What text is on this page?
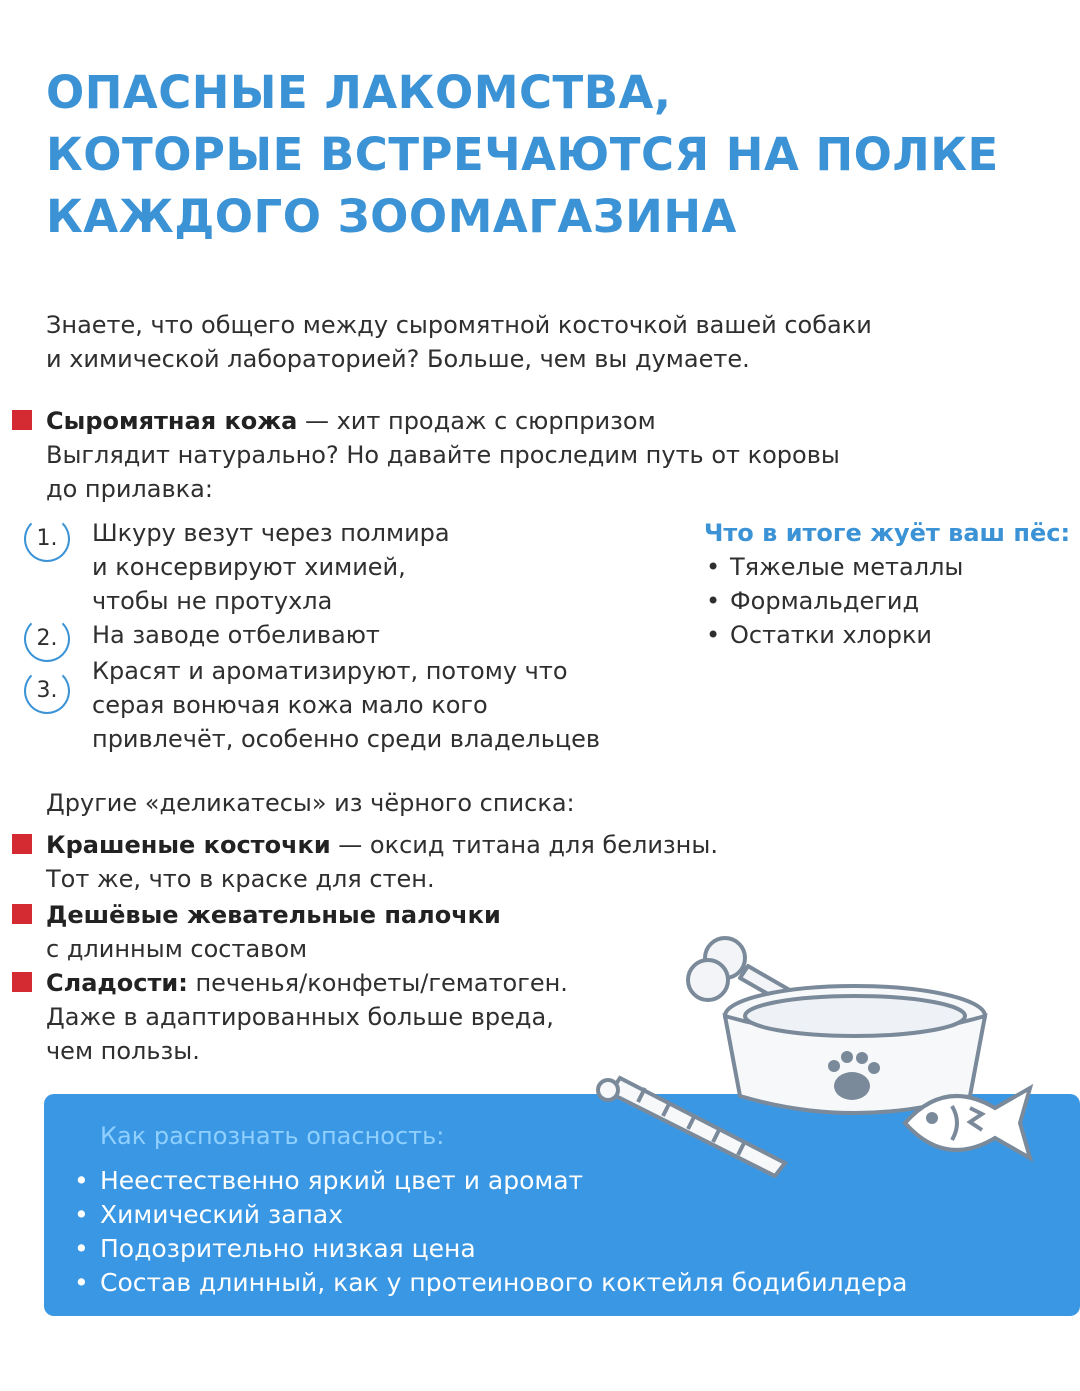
ОПАСНЫЕ ЛАКОМСТВА,
КОТОРЫЕ ВСТРЕЧАЮТСЯ НА ПОЛКЕ
КАЖДОГО ЗООМАГАЗИНА
Знаете, что общего между сыромятной косточкой вашей собаки
и химической лабораторией? Больше, чем вы думаете.
Сыромятная кожа — хит продаж с сюрпризом
Выглядит натурально? Но давайте проследим путь от коровы
до прилавка:
1.	Шкуру везут через полмира
и консервируют химией,
чтобы не протухла
2.	На заводе отбеливают
3.
Красят и ароматизируют, потому что
серая вонючая кожа мало кого
привлечёт, особенно среди владельцев
Что в итоге жуёт ваш пёс:
• Тяжелые металлы
• Формальдегид
• Остатки хлорки
Другие «деликатесы» из чёрного списка:
Крашеные косточки — оксид титана для белизны.
Тот же, что в краске для стен.
Дешёвые жевательные палочки
с длинным составом
Сладости: печенья/конфеты/гематоген.
Даже в адаптированных больше вреда,
чем пользы.
Как распознать опасность:
• Неестественно яркий цвет и аромат
• Химический запах
• Подозрительно низкая цена
• Состав длинный, как у протеинового коктейля бодибилдера
